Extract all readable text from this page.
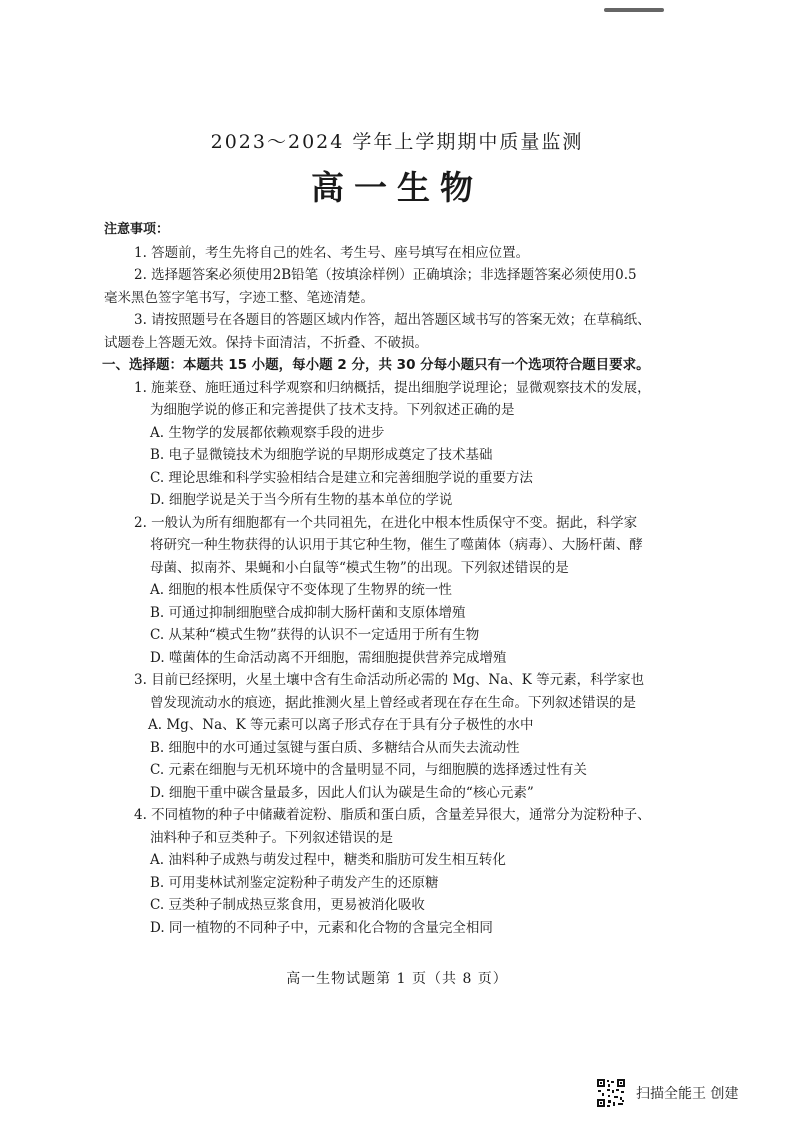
2023～2024 学年上学期期中质量监测

高一生物

注意事项：
1. 答题前，考生先将自己的姓名、考生号、座号填写在相应位置。
2. 选择题答案必须使用2B铅笔（按填涂样例）正确填涂；非选择题答案必须使用0.5
毫米黑色签字笔书写，字迹工整、笔迹清楚。
3. 请按照题号在各题目的答题区域内作答，超出答题区域书写的答案无效；在草稿纸、
试题卷上答题无效。保持卡面清洁，不折叠、不破损。
一、选择题：本题共 15 小题，每小题 2 分，共 30 分每小题只有一个选项符合题目要求。
1. 施莱登、施旺通过科学观察和归纳概括，提出细胞学说理论；显微观察技术的发展，
为细胞学说的修正和完善提供了技术支持。下列叙述正确的是
A. 生物学的发展都依赖观察手段的进步
B. 电子显微镜技术为细胞学说的早期形成奠定了技术基础
C. 理论思维和科学实验相结合是建立和完善细胞学说的重要方法
D. 细胞学说是关于当今所有生物的基本单位的学说
2. 一般认为所有细胞都有一个共同祖先，在进化中根本性质保守不变。据此，科学家
将研究一种生物获得的认识用于其它种生物，催生了噬菌体（病毒）、大肠杆菌、酵
母菌、拟南芥、果蝇和小白鼠等“模式生物”的出现。下列叙述错误的是
A. 细胞的根本性质保守不变体现了生物界的统一性
B. 可通过抑制细胞壁合成抑制大肠杆菌和支原体增殖
C. 从某种“模式生物”获得的认识不一定适用于所有生物
D. 噬菌体的生命活动离不开细胞，需细胞提供营养完成增殖
3. 目前已经探明，火星土壤中含有生命活动所必需的 Mg、Na、K 等元素，科学家也
曾发现流动水的痕迹，据此推测火星上曾经或者现在存在生命。下列叙述错误的是
A. Mg、Na、K 等元素可以离子形式存在于具有分子极性的水中
B. 细胞中的水可通过氢键与蛋白质、多糖结合从而失去流动性
C. 元素在细胞与无机环境中的含量明显不同，与细胞膜的选择透过性有关
D. 细胞干重中碳含量最多，因此人们认为碳是生命的“核心元素”
4. 不同植物的种子中储藏着淀粉、脂质和蛋白质，含量差异很大，通常分为淀粉种子、
油料种子和豆类种子。下列叙述错误的是
A. 油料种子成熟与萌发过程中，糖类和脂肪可发生相互转化
B. 可用斐林试剂鉴定淀粉种子萌发产生的还原糖
C. 豆类种子制成热豆浆食用，更易被消化吸收
D. 同一植物的不同种子中，元素和化合物的含量完全相同
高一生物试题第 1 页（共 8 页）
扫描全能王 创建
